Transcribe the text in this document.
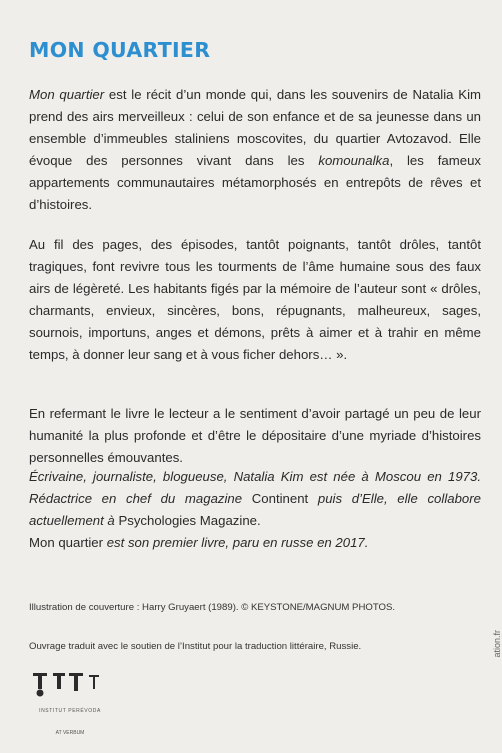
MON QUARTIER

Mon quartier est le récit d’un monde qui, dans les souvenirs de Natalia Kim prend des airs merveilleux : celui de son enfance et de sa jeunesse dans un ensemble d’immeubles staliniens moscovites, du quartier Avtozavod. Elle évoque des personnes vivant dans les komounalka, les fameux appartements communautaires métamorphosés en entrepôts de rêves et d’histoires.

Au fil des pages, des épisodes, tantôt poignants, tantôt drôles, tantôt tragiques, font revivre tous les tourments de l’âme humaine sous des faux airs de légèreté. Les habitants figés par la mémoire de l’auteur sont « drôles, charmants, envieux, sincères, bons, répugnants, malheureux, sages, sournois, importuns, anges et démons, prêts à aimer et à trahir en même temps, à donner leur sang et à vous ficher dehors… ».

En refermant le livre le lecteur a le sentiment d’avoir partagé un peu de leur humanité la plus profonde et d’être le dépositaire d’une myriade d’histoires personnelles émouvantes.

Écrivaine, journaliste, blogueuse, Natalia Kim est née à Moscou en 1973. Rédactrice en chef du magazine Continent puis d’Elle, elle collabore actuellement à Psychologies Magazine.
Mon quartier est son premier livre, paru en russe en 2017.

Illustration de couverture : Harry Gruyaert (1989). © KEYSTONE/MAGNUM PHOTOS.
Ouvrage traduit avec le soutien de l’Institut pour la traduction littéraire, Russie.
INSTITUT PERÉVODA
AT VERBUM
ation.fr
